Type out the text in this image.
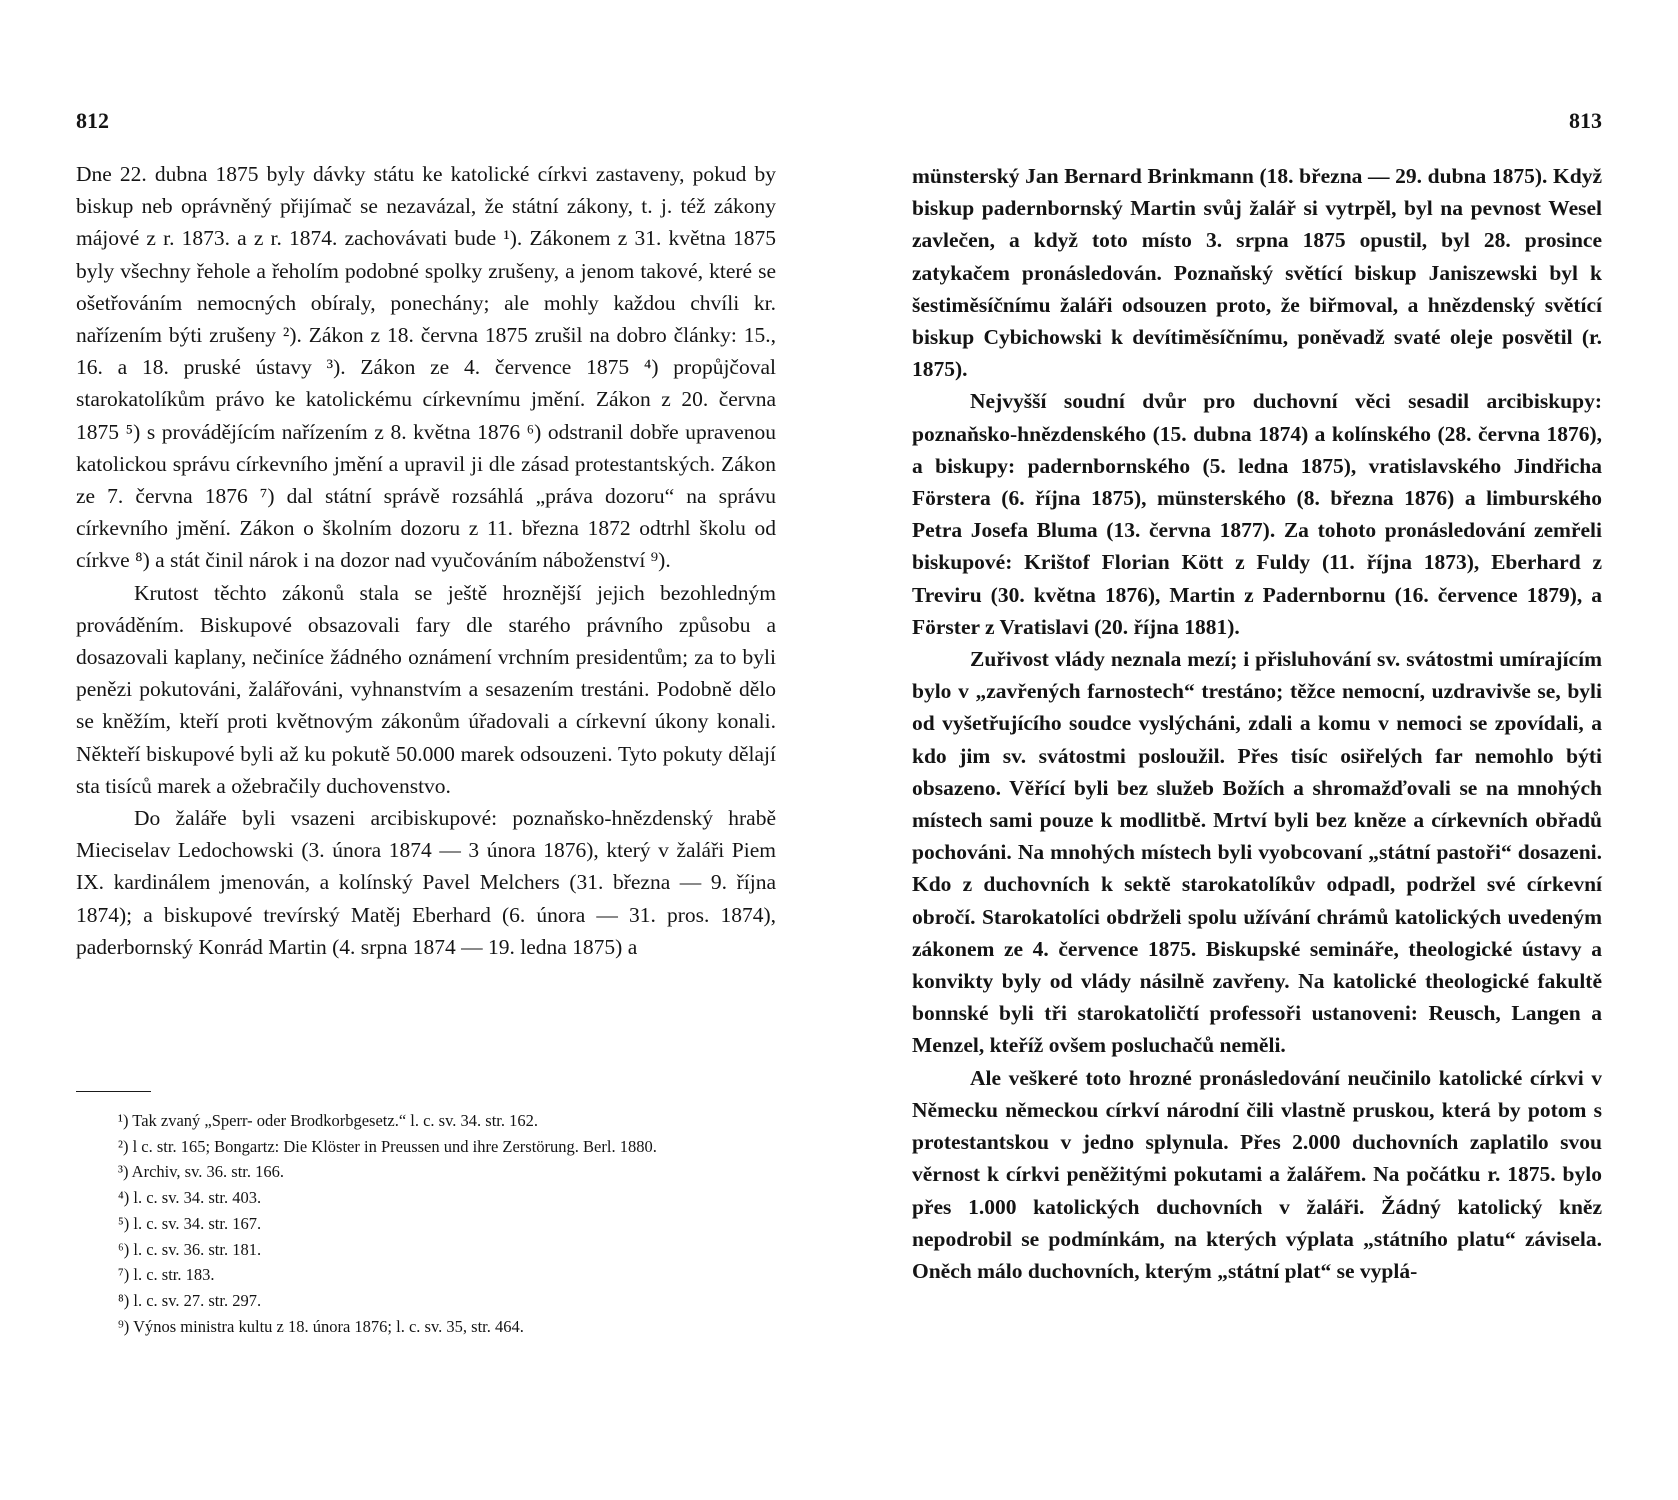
812

Dne 22. dubna 1875 byly dávky státu ke katolické církvi zastaveny, pokud by biskup neb oprávněný přijímač se nezavázal, že státní zákony, t. j. též zákony májové z r. 1873. a z r. 1874. zachovávati bude ¹). Zákonem z 31. května 1875 byly všechny řehole a řeholím podobné spolky zrušeny, a jenom takové, které se ošetřováním nemocných obíraly, ponechány; ale mohly každou chvíli kr. nařízením býti zrušeny ²). Zákon z 18. června 1875 zrušil na dobro články: 15., 16. a 18. pruské ústavy ³). Zákon ze 4. července 1875 ⁴) propůjčoval starokatolíkům právo ke katolickému církevnímu jmění. Zákon z 20. června 1875 ⁵) s provádějícím nařízením z 8. května 1876 ⁶) odstranil dobře upravenou katolickou správu církevního jmění a upravil ji dle zásad protestantských. Zákon ze 7. června 1876 ⁷) dal státní správě rozsáhlá „práva dozoru“ na správu církevního jmění. Zákon o školním dozoru z 11. března 1872 odtrhl školu od církve ⁸) a stát činil nárok i na dozor nad vyučováním náboženství ⁹).

Krutost těchto zákonů stala se ještě hroznější jejich bezohledným prováděním. Biskupové obsazovali fary dle starého právního způsobu a dosazovali kaplany, nečiníce žádného oznámení vrchním presidentům; za to byli penězi pokutováni, žalářováni, vyhnanstvím a sesazením trestáni. Podobně dělo se kněžím, kteří proti květnovým zákonům úřadovali a církevní úkony konali. Někteří biskupové byli až ku pokutě 50.000 marek odsouzeni. Tyto pokuty dělají sta tisíců marek a ožebračily duchovenstvo.

Do žaláře byli vsazeni arcibiskupové: poznaňsko-hnězdenský hrabě Mieciselav Ledochowski (3. února 1874 — 3 února 1876), který v žaláři Piem IX. kardinálem jmenován, a kolínský Pavel Melchers (31. března — 9. října 1874); a biskupové trevírský Matěj Eberhard (6. února — 31. pros. 1874), paderbornský Konrád Martin (4. srpna 1874 — 19. ledna 1875) a

¹) Tak zvaný „Sperr- oder Brodkorbgesetz.“ l. c. sv. 34. str. 162.

²) l c. str. 165; Bongartz: Die Klöster in Preussen und ihre Zerstörung. Berl. 1880.

³) Archiv, sv. 36. str. 166.

⁴) l. c. sv. 34. str. 403.

⁵) l. c. sv. 34. str. 167.

⁶) l. c. sv. 36. str. 181.

⁷) l. c. str. 183.

⁸) l. c. sv. 27. str. 297.

⁹) Výnos ministra kultu z 18. února 1876; l. c. sv. 35, str. 464.

813

münsterský Jan Bernard Brinkmann (18. března — 29. dubna 1875). Když biskup padernbornský Martin svůj žalář si vytrpěl, byl na pevnost Wesel zavlečen, a když toto místo 3. srpna 1875 opustil, byl 28. prosince zatykačem pronásledován. Poznaňský světící biskup Janiszewski byl k šestiměsíčnímu žaláři odsouzen proto, že biřmoval, a hnězdenský světící biskup Cybichowski k devítiměsíčnímu, poněvadž svaté oleje posvětil (r. 1875).

Nejvyšší soudní dvůr pro duchovní věci sesadil arcibiskupy: poznaňsko-hnězdenského (15. dubna 1874) a kolínského (28. června 1876), a biskupy: padernbornského (5. ledna 1875), vratislavského Jindřicha Förstera (6. října 1875), münsterského (8. března 1876) a limburského Petra Josefa Bluma (13. června 1877). Za tohoto pronásledování zemřeli biskupové: Krištof Florian Kött z Fuldy (11. října 1873), Eberhard z Treviru (30. května 1876), Martin z Padernbornu (16. července 1879), a Förster z Vratislavi (20. října 1881).

Zuřivost vlády neznala mezí; i přisluhování sv. svátostmi umírajícím bylo v „zavřených farnostech“ trestáno; těžce nemocní, uzdravivše se, byli od vyšetřujícího soudce vyslýcháni, zdali a komu v nemoci se zpovídali, a kdo jim sv. svátostmi posloužil. Přes tisíc osiřelých far nemohlo býti obsazeno. Věřící byli bez služeb Božích a shromažďovali se na mnohých místech sami pouze k modlitbě. Mrtví byli bez kněze a církevních obřadů pochováni. Na mnohých místech byli vyobcovaní „státní pastoři“ dosazeni. Kdo z duchovních k sektě starokatolíkův odpadl, podržel své církevní obročí. Starokatolíci obdrželi spolu užívání chrámů katolických uvedeným zákonem ze 4. července 1875. Biskupské semináře, theologické ústavy a konvikty byly od vlády násilně zavřeny. Na katolické theologické fakultě bonnské byli tři starokatoličtí professoři ustanoveni: Reusch, Langen a Menzel, kteříž ovšem posluchačů neměli.

Ale veškeré toto hrozné pronásledování neučinilo katolické církvi v Německu německou církví národní čili vlastně pruskou, která by potom s protestantskou v jedno splynula. Přes 2.000 duchovních zaplatilo svou věrnost k církvi peněžitými pokutami a žalářem. Na počátku r. 1875. bylo přes 1.000 katolických duchovních v žaláři. Žádný katolický kněz nepodrobil se podmínkám, na kterých výplata „státního platu“ závisela. Oněch málo duchovních, kterým „státní plat“ se vyplá-
